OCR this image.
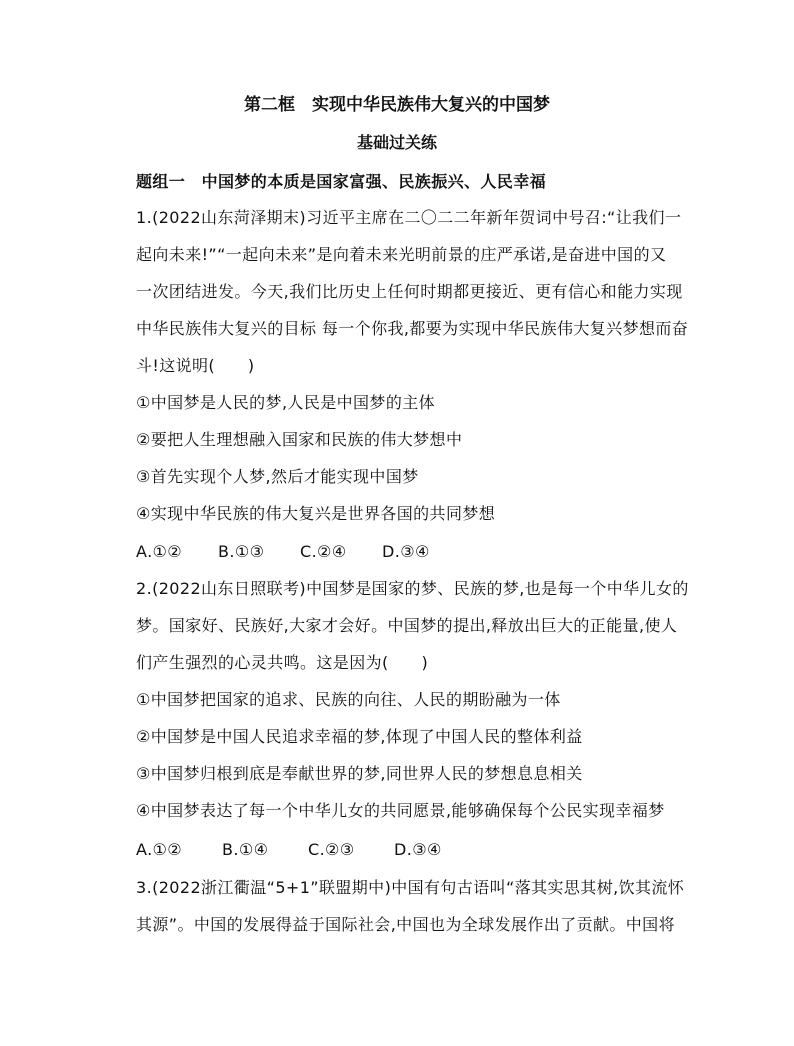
第二框　实现中华民族伟大复兴的中国梦
基础过关练
题组一　中国梦的本质是国家富强、民族振兴、人民幸福
1.(2022山东菏泽期末)习近平主席在二〇二二年新年贺词中号召:“让我们一
起向未来!”“一起向未来”是向着未来光明前景的庄严承诺,是奋进中国的又
一次团结进发。今天,我们比历史上任何时期都更接近、更有信心和能力实现
中华民族伟大复兴的目标 每一个你我,都要为实现中华民族伟大复兴梦想而奋
斗!这说明(　　)
①中国梦是人民的梦,人民是中国梦的主体
②要把人生理想融入国家和民族的伟大梦想中
③首先实现个人梦,然后才能实现中国梦
④实现中华民族的伟大复兴是世界各国的共同梦想
A.①② B.①③ C.②④ D.③④
2.(2022山东日照联考)中国梦是国家的梦、民族的梦,也是每一个中华儿女的
梦。国家好、民族好,大家才会好。中国梦的提出,释放出巨大的正能量,使人
们产生强烈的心灵共鸣。这是因为(　　)
①中国梦把国家的追求、民族的向往、人民的期盼融为一体
②中国梦是中国人民追求幸福的梦,体现了中国人民的整体利益
③中国梦归根到底是奉献世界的梦,同世界人民的梦想息息相关
④中国梦表达了每一个中华儿女的共同愿景,能够确保每个公民实现幸福梦
A.①② B.①④ C.②③ D.③④
3.(2022浙江衢温“5+1”联盟期中)中国有句古语叫“落其实思其树,饮其流怀
其源”。中国的发展得益于国际社会,中国也为全球发展作出了贡献。中国将
